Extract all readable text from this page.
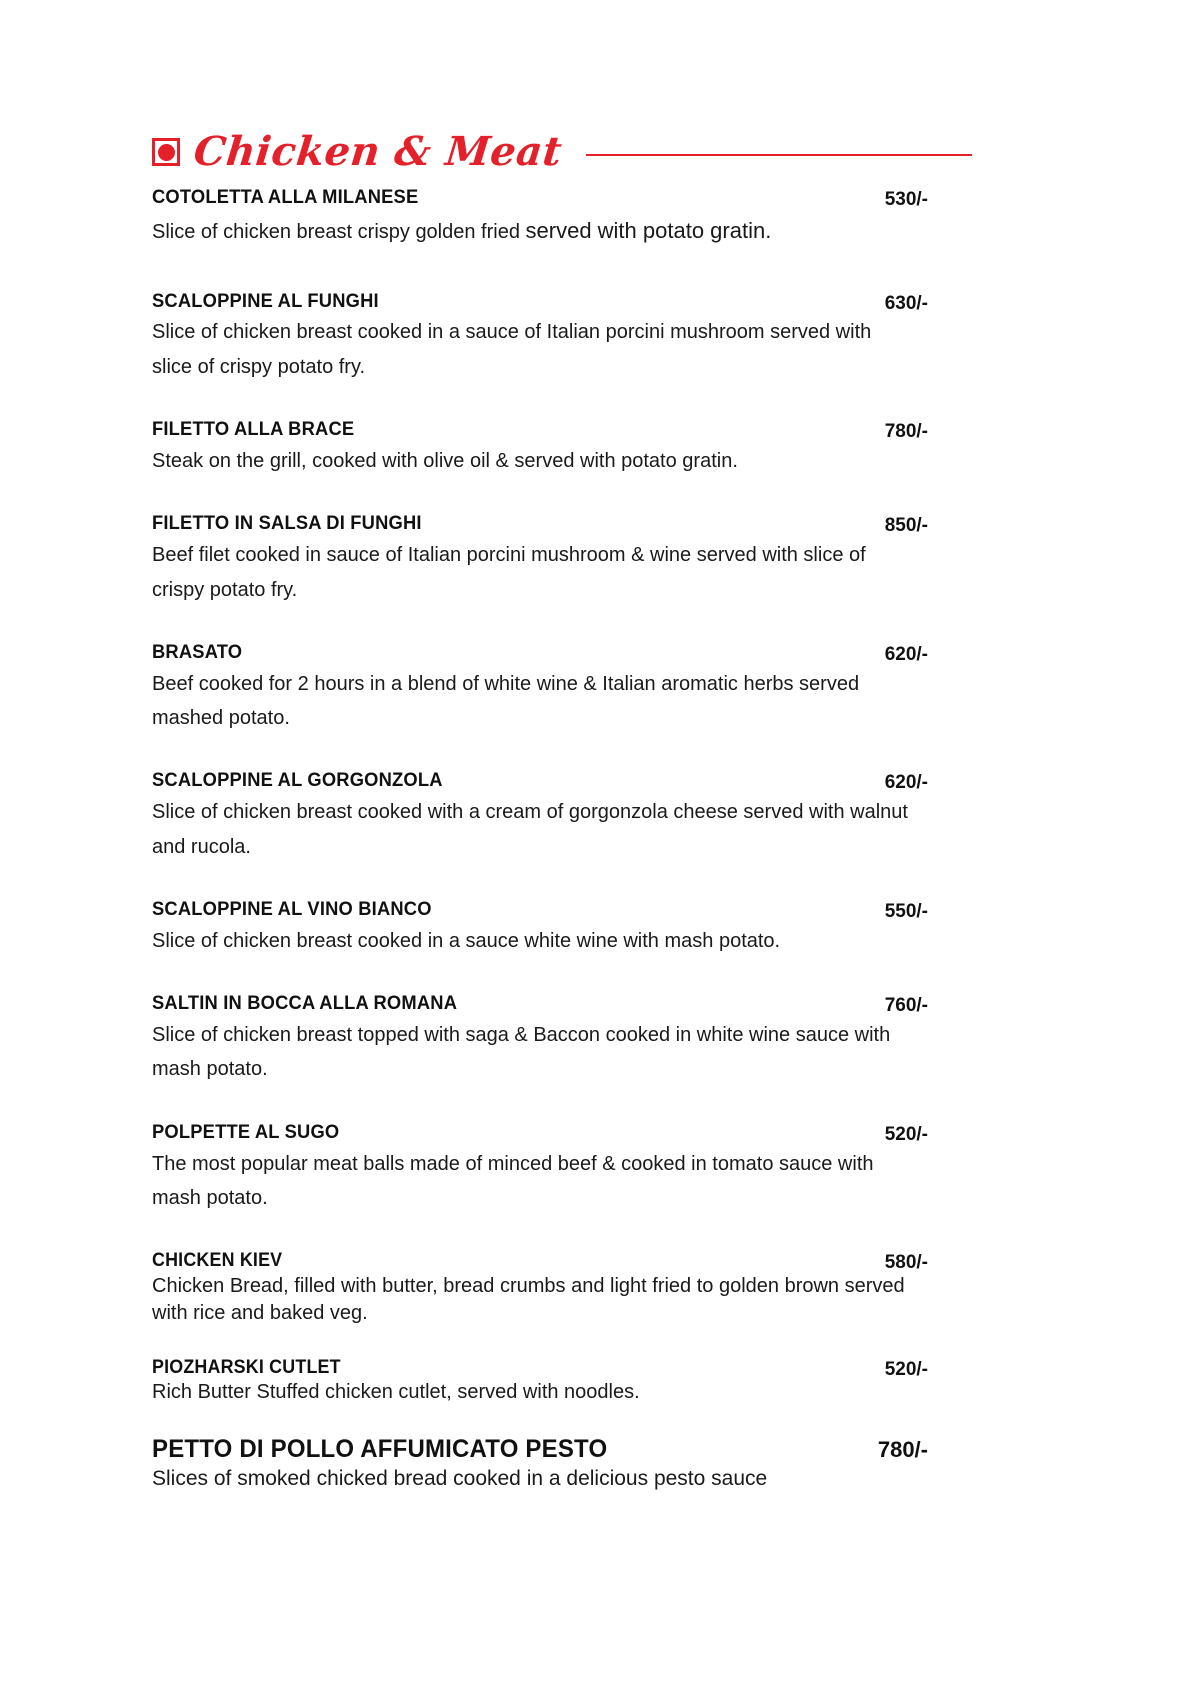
Chicken & Meat
COTOLETTA ALLA MILANESE	530/-
Slice of chicken breast crispy golden fried served with potato gratin.
SCALOPPINE AL FUNGHI	630/-
Slice of chicken breast cooked in a sauce of Italian porcini mushroom served with slice of crispy potato fry.
FILETTO ALLA BRACE	780/-
Steak on the grill, cooked with olive oil & served with potato gratin.
FILETTO IN SALSA DI FUNGHI	850/-
Beef filet cooked in sauce of Italian porcini mushroom & wine served with slice of crispy potato fry.
BRASATO	620/-
Beef cooked for 2 hours in a blend of white wine & Italian aromatic herbs served mashed potato.
SCALOPPINE AL GORGONZOLA	620/-
Slice of chicken breast cooked with a cream of gorgonzola cheese served with walnut and rucola.
SCALOPPINE AL VINO BIANCO	550/-
Slice of chicken breast cooked in a sauce white wine with mash potato.
SALTIN IN BOCCA ALLA ROMANA	760/-
Slice of chicken breast topped with saga & Baccon cooked in white wine sauce with mash potato.
POLPETTE AL SUGO	520/-
The most popular meat balls made of minced beef & cooked in tomato sauce with mash potato.
CHICKEN KIEV	580/-
Chicken Bread, filled with butter, bread crumbs and light fried to golden brown served with rice and baked veg.
PIOZHARSKI CUTLET	520/-
Rich Butter Stuffed chicken cutlet, served with noodles.
PETTO DI POLLO AFFUMICATO PESTO	780/-
Slices of smoked chicked bread cooked in a delicious pesto sauce
